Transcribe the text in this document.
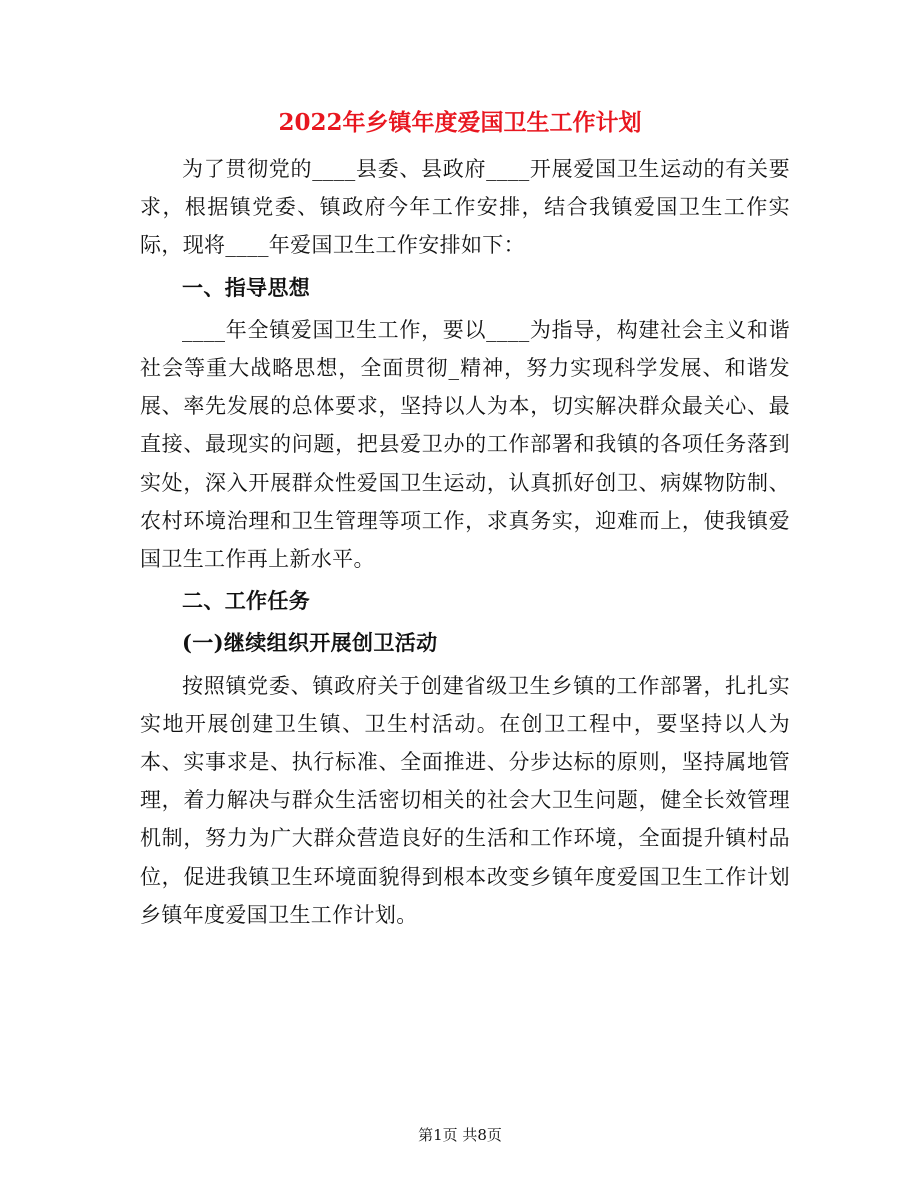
2022年乡镇年度爱国卫生工作计划

为了贯彻党的____县委、县政府____开展爱国卫生运动的有关要求，根据镇党委、镇政府今年工作安排，结合我镇爱国卫生工作实际，现将____年爱国卫生工作安排如下：

一、指导思想

____年全镇爱国卫生工作，要以____为指导，构建社会主义和谐社会等重大战略思想，全面贯彻_精神，努力实现科学发展、和谐发展、率先发展的总体要求，坚持以人为本，切实解决群众最关心、最直接、最现实的问题，把县爱卫办的工作部署和我镇的各项任务落到实处，深入开展群众性爱国卫生运动，认真抓好创卫、病媒物防制、农村环境治理和卫生管理等项工作，求真务实，迎难而上，使我镇爱国卫生工作再上新水平。

二、工作任务

(一)继续组织开展创卫活动

按照镇党委、镇政府关于创建省级卫生乡镇的工作部署，扎扎实实地开展创建卫生镇、卫生村活动。在创卫工程中，要坚持以人为本、实事求是、执行标准、全面推进、分步达标的原则，坚持属地管理，着力解决与群众生活密切相关的社会大卫生问题，健全长效管理机制，努力为广大群众营造良好的生活和工作环境，全面提升镇村品位，促进我镇卫生环境面貌得到根本改变乡镇年度爱国卫生工作计划乡镇年度爱国卫生工作计划。

第1页 共8页
